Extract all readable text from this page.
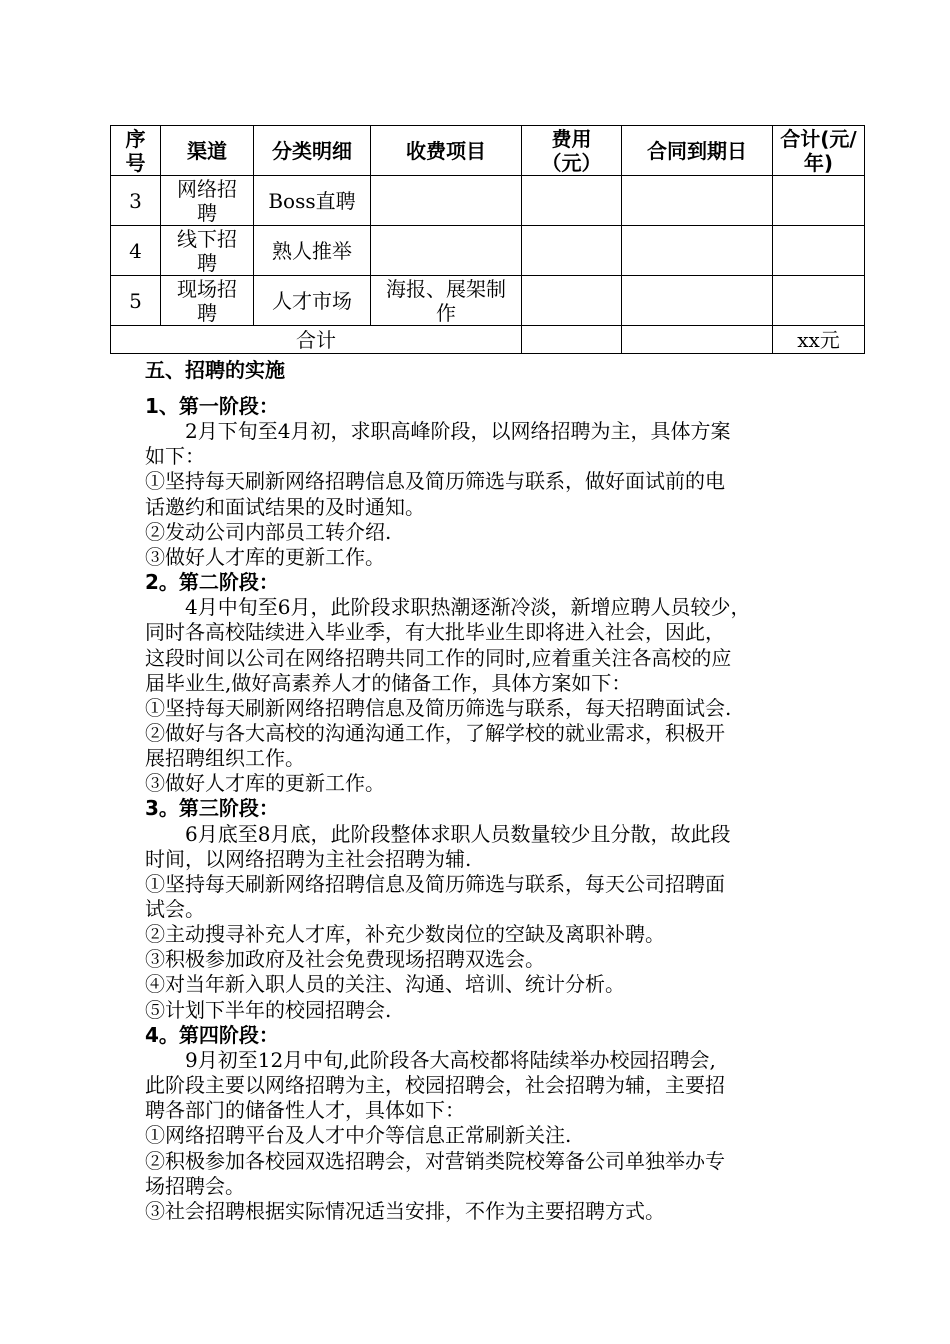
序号	渠道	分类明细	收费项目	费用（元）	合同到期日	合计(元/年)
3	网络招聘	Boss直聘				
4	线下招聘	熟人推举				
5	现场招聘	人才市场	海报、展架制作			
合计						xx元
五、招聘的实施
1、第一阶段：
　　2月下旬至4月初，求职高峰阶段，以网络招聘为主，具体方案
如下：
①坚持每天刷新网络招聘信息及简历筛选与联系，做好面试前的电
话邀约和面试结果的及时通知。
②发动公司内部员工转介绍.
③做好人才库的更新工作。
2。第二阶段：
　　4月中旬至6月，此阶段求职热潮逐渐冷淡，新增应聘人员较少，
同时各高校陆续进入毕业季，有大批毕业生即将进入社会，因此，
这段时间以公司在网络招聘共同工作的同时,应着重关注各高校的应
届毕业生,做好高素养人才的储备工作，具体方案如下：
①坚持每天刷新网络招聘信息及简历筛选与联系，每天招聘面试会.
②做好与各大高校的沟通沟通工作，了解学校的就业需求，积极开
展招聘组织工作。
③做好人才库的更新工作。
3。第三阶段：
　　6月底至8月底，此阶段整体求职人员数量较少且分散，故此段
时间，以网络招聘为主社会招聘为辅.
①坚持每天刷新网络招聘信息及简历筛选与联系，每天公司招聘面
试会。
②主动搜寻补充人才库，补充少数岗位的空缺及离职补聘。
③积极参加政府及社会免费现场招聘双选会。
④对当年新入职人员的关注、沟通、培训、统计分析。
⑤计划下半年的校园招聘会.
4。第四阶段：
　　9月初至12月中旬,此阶段各大高校都将陆续举办校园招聘会,
此阶段主要以网络招聘为主，校园招聘会，社会招聘为辅，主要招
聘各部门的储备性人才，具体如下：
①网络招聘平台及人才中介等信息正常刷新关注.
②积极参加各校园双选招聘会，对营销类院校筹备公司单独举办专
场招聘会。
③社会招聘根据实际情况适当安排，不作为主要招聘方式。
